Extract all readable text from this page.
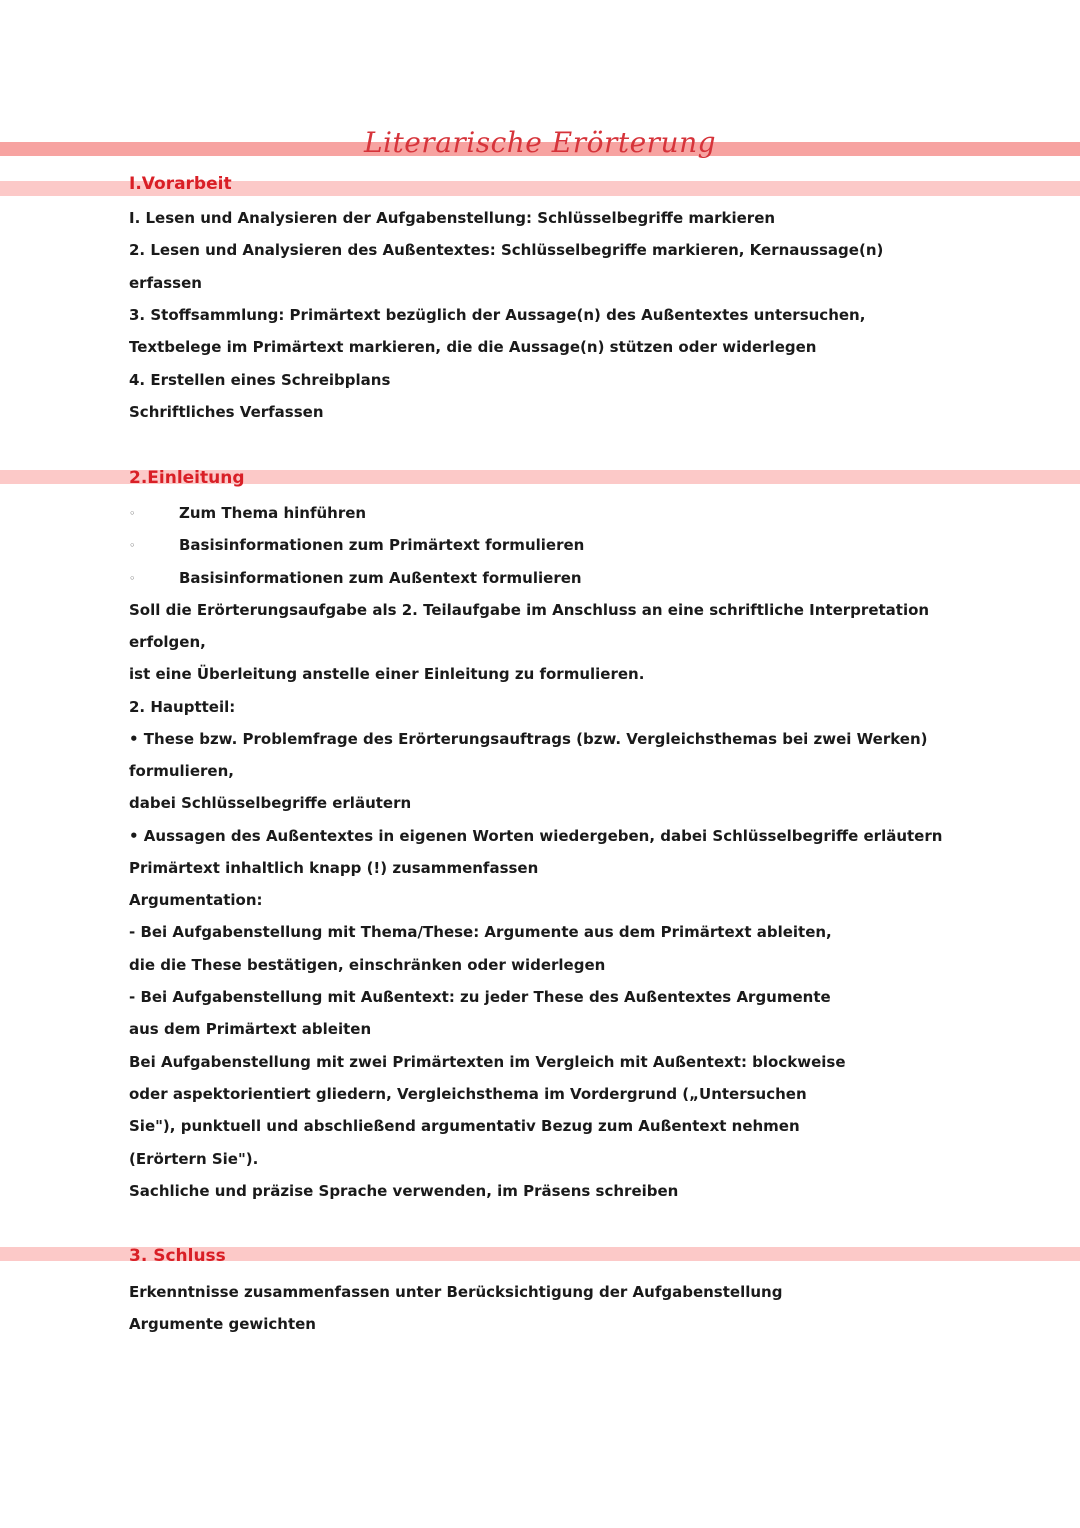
Literarische Erörterung
I.Vorarbeit
I. Lesen und Analysieren der Aufgabenstellung: Schlüsselbegriffe markieren
2. Lesen und Analysieren des Außentextes: Schlüsselbegriffe markieren, Kernaussage(n)
erfassen
3. Stoffsammlung: Primärtext bezüglich der Aussage(n) des Außentextes untersuchen,
Textbelege im Primärtext markieren, die die Aussage(n) stützen oder widerlegen
4. Erstellen eines Schreibplans
Schriftliches Verfassen
2.Einleitung
◦	Zum Thema hinführen
◦	Basisinformationen zum Primärtext formulieren
◦	Basisinformationen zum Außentext formulieren
Soll die Erörterungsaufgabe als 2. Teilaufgabe im Anschluss an eine schriftliche Interpretation
erfolgen,
ist eine Überleitung anstelle einer Einleitung zu formulieren.
2. Hauptteil:
• These bzw. Problemfrage des Erörterungsauftrags (bzw. Vergleichsthemas bei zwei Werken)
formulieren,
dabei Schlüsselbegriffe erläutern
• Aussagen des Außentextes in eigenen Worten wiedergeben, dabei Schlüsselbegriffe erläutern
Primärtext inhaltlich knapp (!) zusammenfassen
Argumentation:
- Bei Aufgabenstellung mit Thema/These: Argumente aus dem Primärtext ableiten,
die die These bestätigen, einschränken oder widerlegen
- Bei Aufgabenstellung mit Außentext: zu jeder These des Außentextes Argumente
aus dem Primärtext ableiten
Bei Aufgabenstellung mit zwei Primärtexten im Vergleich mit Außentext: blockweise
oder aspektorientiert gliedern, Vergleichsthema im Vordergrund („Untersuchen
Sie"), punktuell und abschließend argumentativ Bezug zum Außentext nehmen
(Erörtern Sie").
Sachliche und präzise Sprache verwenden, im Präsens schreiben
3. Schluss
Erkenntnisse zusammenfassen unter Berücksichtigung der Aufgabenstellung
Argumente gewichten
